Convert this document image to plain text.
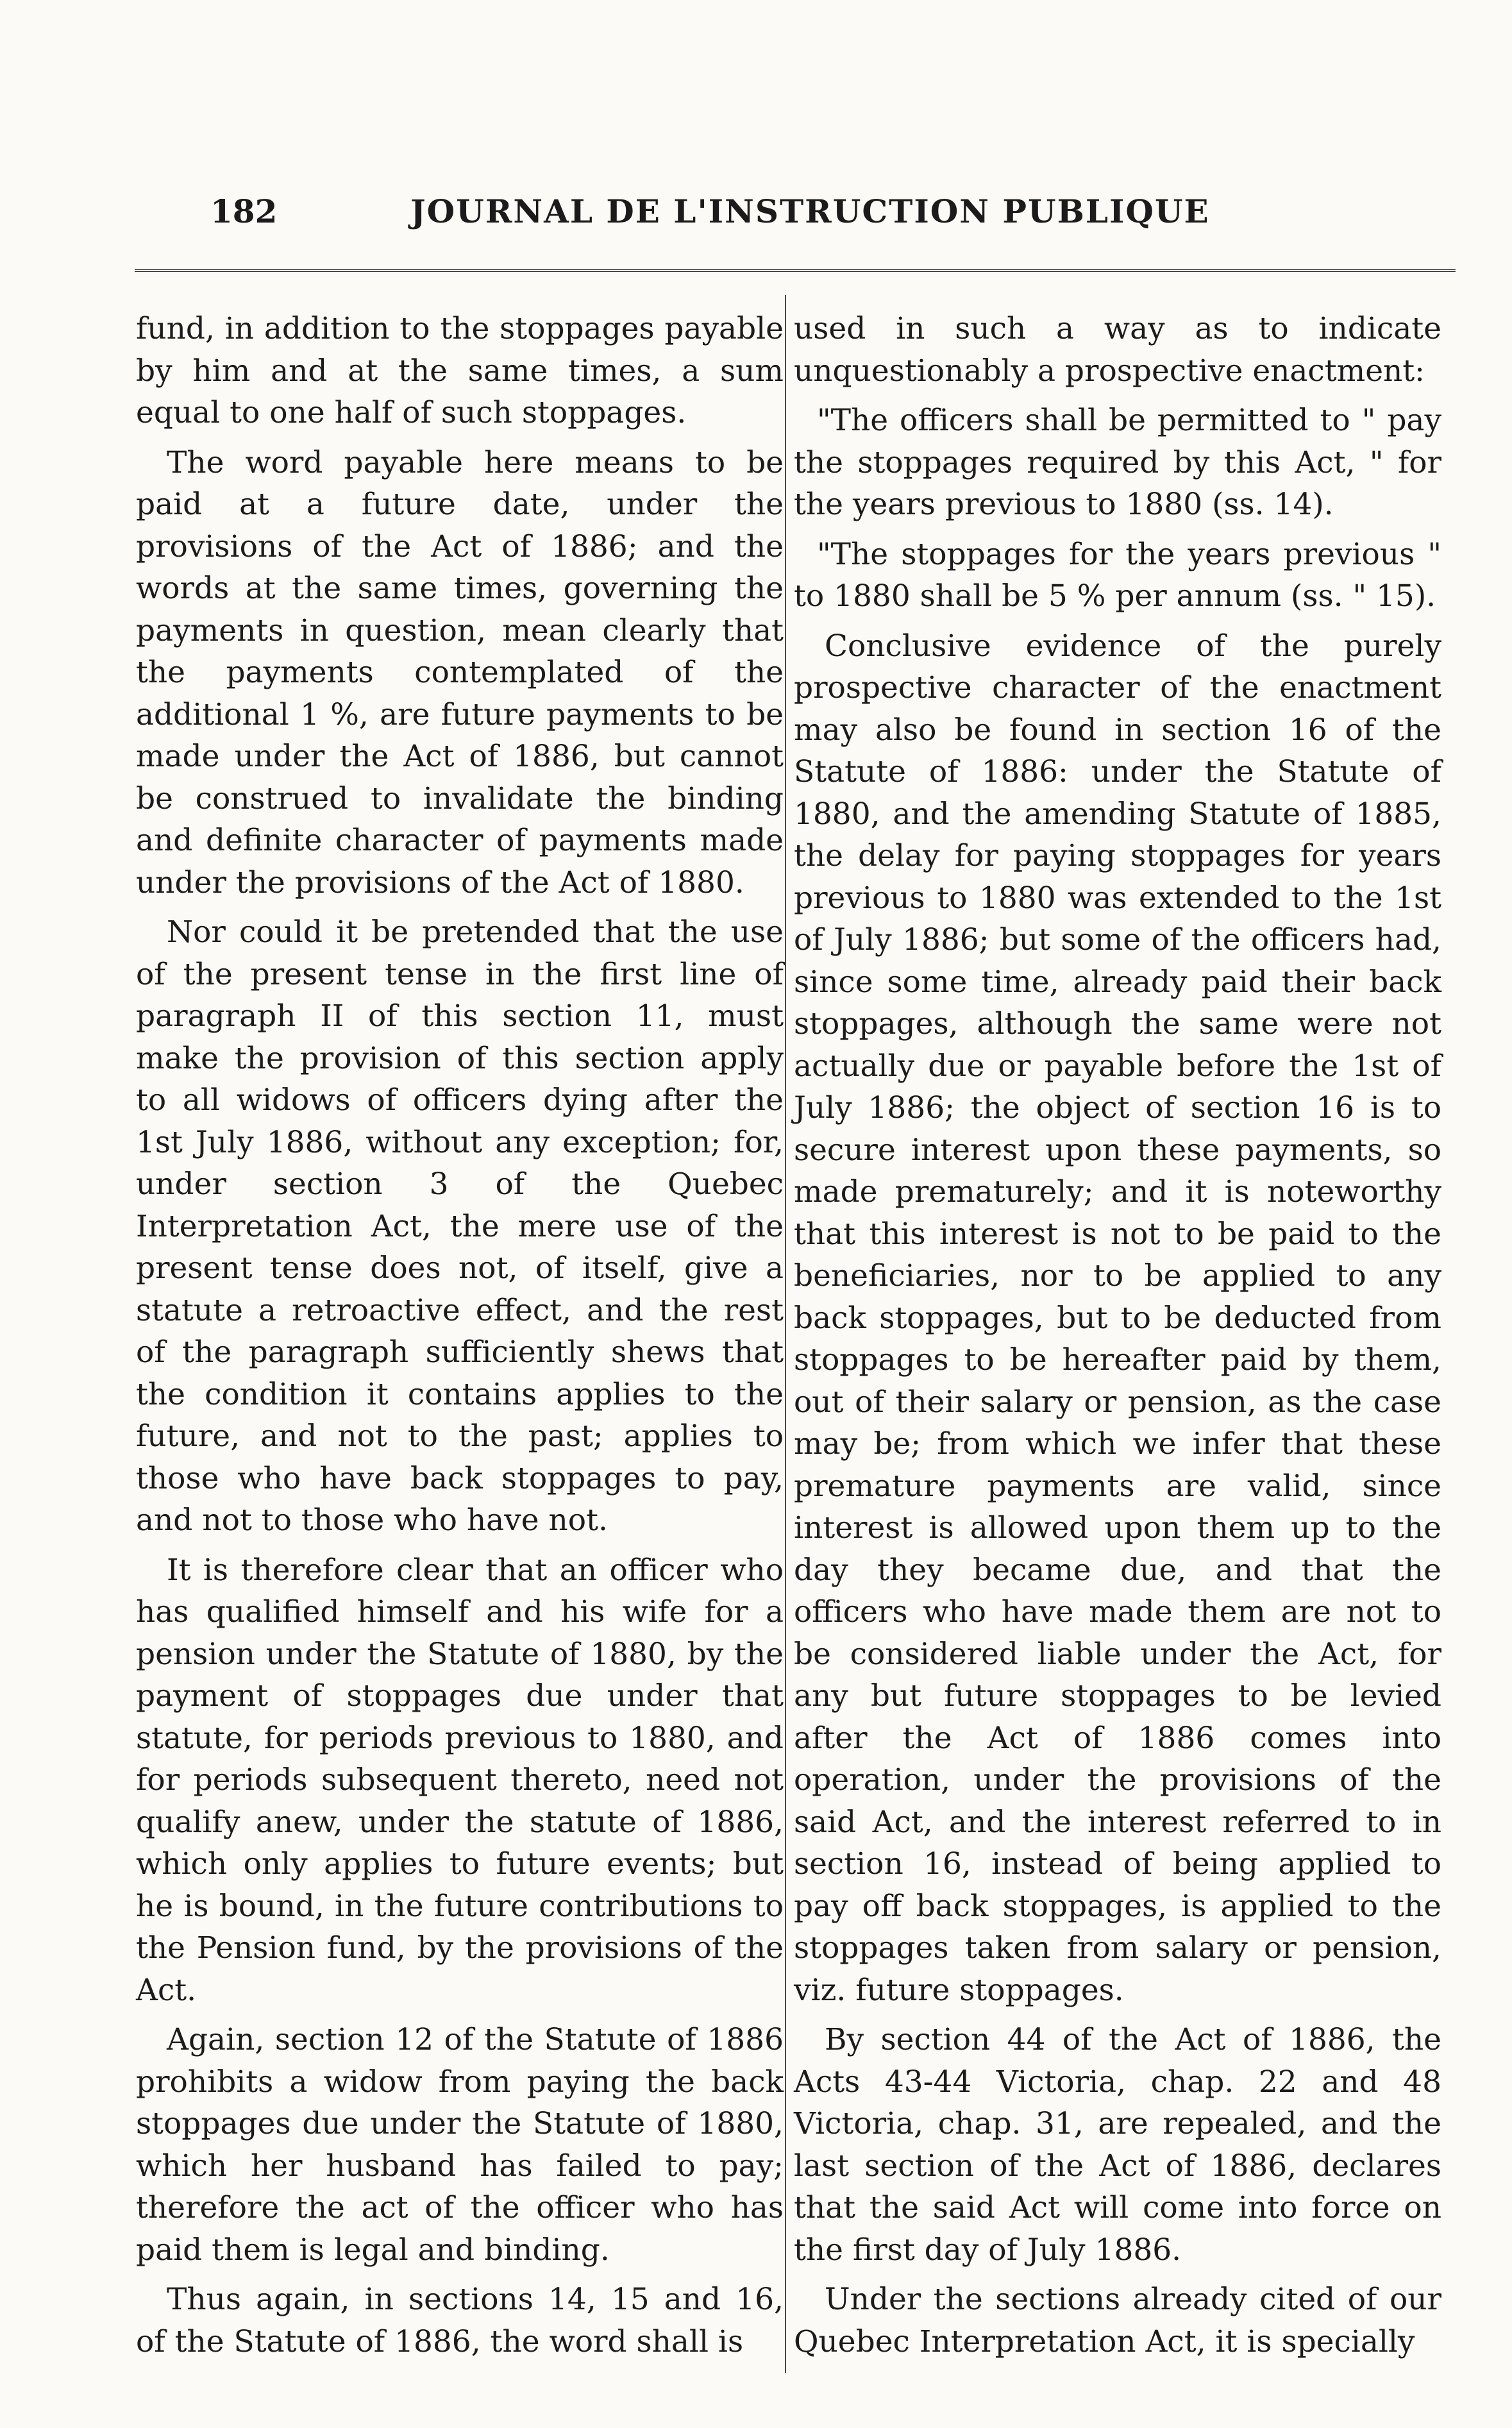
182	JOURNAL DE L'INSTRUCTION PUBLIQUE

fund, in addition to the stoppages payable by him and at the same times, a sum equal to one half of such stoppages.

The word payable here means to be paid at a future date, under the provisions of the Act of 1886; and the words at the same times, governing the payments in question, mean clearly that the payments contemplated of the additional 1 %, are future payments to be made under the Act of 1886, but cannot be construed to invalidate the binding and definite character of payments made under the provisions of the Act of 1880.

Nor could it be pretended that the use of the present tense in the first line of paragraph II of this section 11, must make the provision of this section apply to all widows of officers dying after the 1st July 1886, without any exception; for, under section 3 of the Quebec Interpretation Act, the mere use of the present tense does not, of itself, give a statute a retroactive effect, and the rest of the paragraph sufficiently shews that the condition it contains applies to the future, and not to the past; applies to those who have back stoppages to pay, and not to those who have not.

It is therefore clear that an officer who has qualified himself and his wife for a pension under the Statute of 1880, by the payment of stoppages due under that statute, for periods previous to 1880, and for periods subsequent thereto, need not qualify anew, under the statute of 1886, which only applies to future events; but he is bound, in the future contributions to the Pension fund, by the provisions of the Act.

Again, section 12 of the Statute of 1886 prohibits a widow from paying the back stoppages due under the Statute of 1880, which her husband has failed to pay; therefore the act of the officer who has paid them is legal and binding.

Thus again, in sections 14, 15 and 16, of the Statute of 1886, the word shall is

used in such a way as to indicate unquestionably a prospective enactment:

"The officers shall be permitted to " pay the stoppages required by this Act, " for the years previous to 1880 (ss. 14).

"The stoppages for the years previous " to 1880 shall be 5 % per annum (ss. " 15).

Conclusive evidence of the purely prospective character of the enactment may also be found in section 16 of the Statute of 1886: under the Statute of 1880, and the amending Statute of 1885, the delay for paying stoppages for years previous to 1880 was extended to the 1st of July 1886; but some of the officers had, since some time, already paid their back stoppages, although the same were not actually due or payable before the 1st of July 1886; the object of section 16 is to secure interest upon these payments, so made prematurely; and it is noteworthy that this interest is not to be paid to the beneficiaries, nor to be applied to any back stoppages, but to be deducted from stoppages to be hereafter paid by them, out of their salary or pension, as the case may be; from which we infer that these premature payments are valid, since interest is allowed upon them up to the day they became due, and that the officers who have made them are not to be considered liable under the Act, for any but future stoppages to be levied after the Act of 1886 comes into operation, under the provisions of the said Act, and the interest referred to in section 16, instead of being applied to pay off back stoppages, is applied to the stoppages taken from salary or pension, viz. future stoppages.

By section 44 of the Act of 1886, the Acts 43-44 Victoria, chap. 22 and 48 Victoria, chap. 31, are repealed, and the last section of the Act of 1886, declares that the said Act will come into force on the first day of July 1886.

Under the sections already cited of our Quebec Interpretation Act, it is specially
